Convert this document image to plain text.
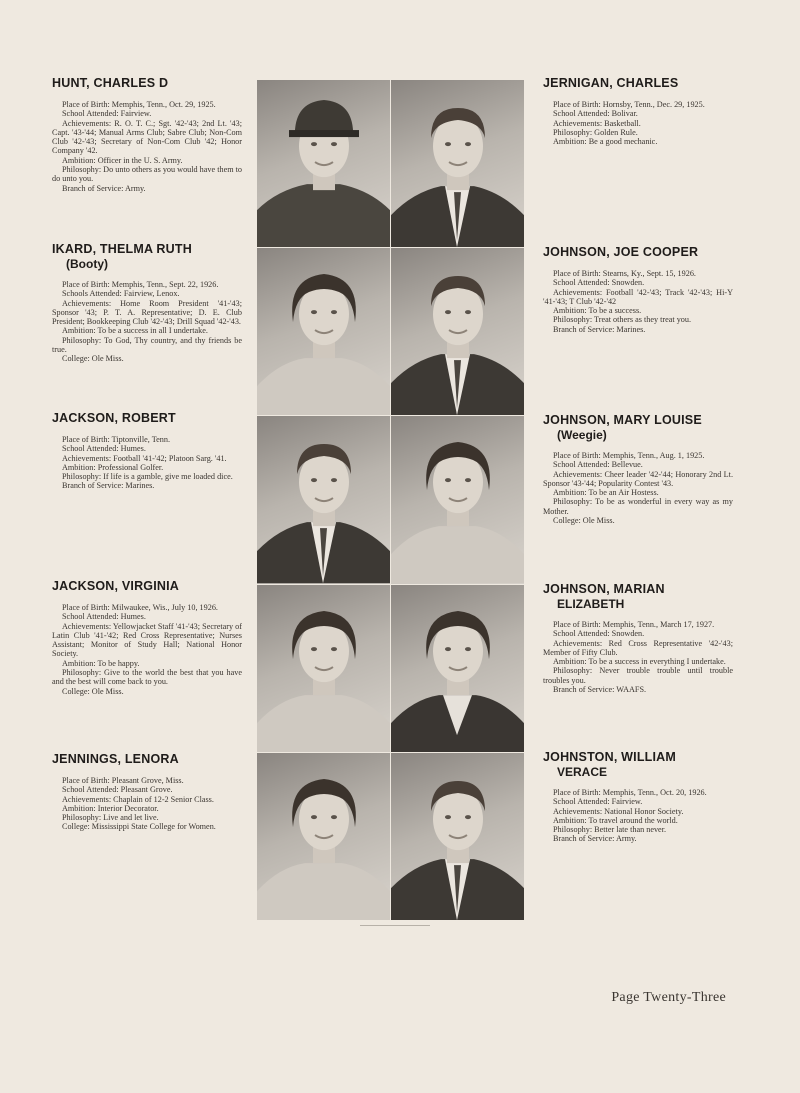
HUNT, CHARLES D

Place of Birth: Memphis, Tenn., Oct. 29, 1925.

School Attended: Fairview.

Achievements: R. O. T. C.; Sgt. '42-'43; 2nd Lt. '43; Capt. '43-'44; Manual Arms Club; Sabre Club; Non-Com Club '42-'43; Secretary of Non-Com Club '42; Honor Company '42.

Ambition: Officer in the U. S. Army.

Philosophy: Do unto others as you would have them to do unto you.

Branch of Service: Army.

IKARD, THELMA RUTH
(Booty)

Place of Birth: Memphis, Tenn., Sept. 22, 1926.

Schools Attended: Fairview, Lenox.

Achievements: Home Room President '41-'43; Sponsor '43; P. T. A. Representative; D. E. Club President; Bookkeeping Club '42-'43; Drill Squad '42-'43.

Ambition: To be a success in all I undertake.

Philosophy: To God, Thy country, and thy friends be true.

College: Ole Miss.

JACKSON, ROBERT

Place of Birth: Tiptonville, Tenn.

School Attended: Humes.

Achievements: Football '41-'42; Platoon Sarg. '41.

Ambition: Professional Golfer.

Philosophy: If life is a gamble, give me loaded dice.

Branch of Service: Marines.

JACKSON, VIRGINIA

Place of Birth: Milwaukee, Wis., July 10, 1926.

School Attended: Humes.

Achievements: Yellowjacket Staff '41-'43; Secretary of Latin Club '41-'42; Red Cross Representative; Nurses Assistant; Monitor of Study Hall; National Honor Society.

Ambition: To be happy.

Philosophy: Give to the world the best that you have and the best will come back to you.

College: Ole Miss.

JENNINGS, LENORA

Place of Birth: Pleasant Grove, Miss.

School Attended: Pleasant Grove.

Achievements: Chaplain of 12-2 Senior Class.

Ambition: Interior Decorator.

Philosophy: Live and let live.

College: Mississippi State College for Women.

JERNIGAN, CHARLES

Place of Birth: Hornsby, Tenn., Dec. 29, 1925.

School Attended: Bolivar.

Achievements: Basketball.

Philosophy: Golden Rule.

Ambition: Be a good mechanic.

JOHNSON, JOE COOPER

Place of Birth: Stearns, Ky., Sept. 15, 1926.

School Attended: Snowden.

Achievements: Football '42-'43; Track '42-'43; Hi-Y '41-'43; T Club '42-'42

Ambition: To be a success.

Philosophy: Treat others as they treat you.

Branch of Service: Marines.

JOHNSON, MARY LOUISE
(Weegie)

Place of Birth: Memphis, Tenn., Aug. 1, 1925.

School Attended: Bellevue.

Achievements: Cheer leader '42-'44; Honorary 2nd Lt. Sponsor '43-'44; Popularity Contest '43.

Ambition: To be an Air Hostess.

Philosophy: To be as wonderful in every way as my Mother.

College: Ole Miss.

JOHNSON, MARIAN
ELIZABETH

Place of Birth: Memphis, Tenn., March 17, 1927.

School Attended: Snowden.

Achievements: Red Cross Representative '42-'43; Member of Fifty Club.

Ambition: To be a success in everything I undertake.

Philosophy: Never trouble trouble until trouble troubles you.

Branch of Service: WAAFS.

JOHNSTON, WILLIAM
VERACE

Place of Birth: Memphis, Tenn., Oct. 20, 1926.

School Attended: Fairview.

Achievements: National Honor Society.

Ambition: To travel around the world.

Philosophy: Better late than never.

Branch of Service: Army.

Page Twenty-Three
